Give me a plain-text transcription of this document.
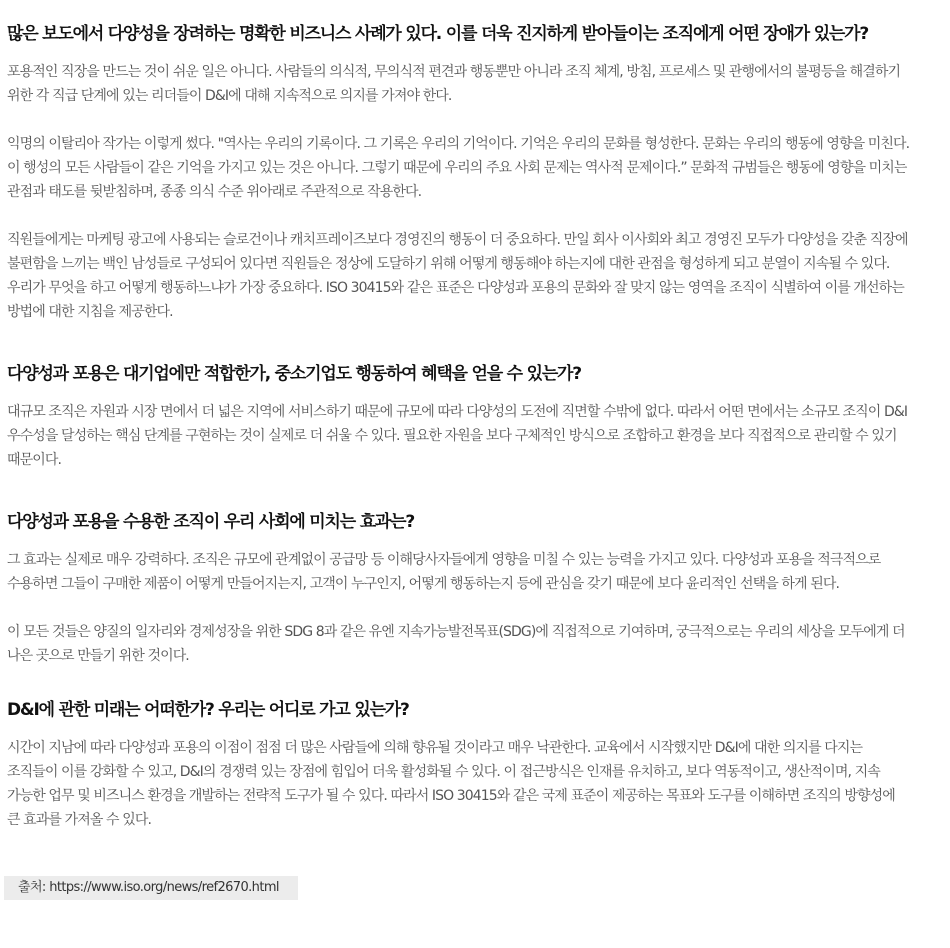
많은 보도에서 다양성을 장려하는 명확한 비즈니스 사례가 있다. 이를 더욱 진지하게 받아들이는 조직에게 어떤 장애가 있는가?

포용적인 직장을 만드는 것이 쉬운 일은 아니다. 사람들의 의식적, 무의식적 편견과 행동뿐만 아니라 조직 체계, 방침, 프로세스 및 관행에서의 불평등을 해결하기
위한 각 직급 단계에 있는 리더들이 D&I에 대해 지속적으로 의지를 가져야 한다.

익명의 이탈리아 작가는 이렇게 썼다. "역사는 우리의 기록이다. 그 기록은 우리의 기억이다. 기억은 우리의 문화를 형성한다. 문화는 우리의 행동에 영향을 미친다.
이 행성의 모든 사람들이 같은 기억을 가지고 있는 것은 아니다. 그렇기 때문에 우리의 주요 사회 문제는 역사적 문제이다.” 문화적 규범들은 행동에 영향을 미치는
관점과 태도를 뒷받침하며, 종종 의식 수준 위아래로 주관적으로 작용한다.

직원들에게는 마케팅 광고에 사용되는 슬로건이나 캐치프레이즈보다 경영진의 행동이 더 중요하다. 만일 회사 이사회와 최고 경영진 모두가 다양성을 갖춘 직장에
불편함을 느끼는 백인 남성들로 구성되어 있다면 직원들은 정상에 도달하기 위해 어떻게 행동해야 하는지에 대한 관점을 형성하게 되고 분열이 지속될 수 있다.
우리가 무엇을 하고 어떻게 행동하느냐가 가장 중요하다. ISO 30415와 같은 표준은 다양성과 포용의 문화와 잘 맞지 않는 영역을 조직이 식별하여 이를 개선하는
방법에 대한 지침을 제공한다.

다양성과 포용은 대기업에만 적합한가, 중소기업도 행동하여 혜택을 얻을 수 있는가?

대규모 조직은 자원과 시장 면에서 더 넓은 지역에 서비스하기 때문에 규모에 따라 다양성의 도전에 직면할 수밖에 없다. 따라서 어떤 면에서는 소규모 조직이 D&I
우수성을 달성하는 핵심 단계를 구현하는 것이 실제로 더 쉬울 수 있다. 필요한 자원을 보다 구체적인 방식으로 조합하고 환경을 보다 직접적으로 관리할 수 있기
때문이다.

다양성과 포용을 수용한 조직이 우리 사회에 미치는 효과는?

그 효과는 실제로 매우 강력하다. 조직은 규모에 관계없이 공급망 등 이해당사자들에게 영향을 미칠 수 있는 능력을 가지고 있다. 다양성과 포용을 적극적으로
수용하면 그들이 구매한 제품이 어떻게 만들어지는지, 고객이 누구인지, 어떻게 행동하는지 등에 관심을 갖기 때문에 보다 윤리적인 선택을 하게 된다.

이 모든 것들은 양질의 일자리와 경제성장을 위한 SDG 8과 같은 유엔 지속가능발전목표(SDG)에 직접적으로 기여하며, 궁극적으로는 우리의 세상을 모두에게 더
나은 곳으로 만들기 위한 것이다.

D&I에 관한 미래는 어떠한가? 우리는 어디로 가고 있는가?

시간이 지남에 따라 다양성과 포용의 이점이 점점 더 많은 사람들에 의해 향유될 것이라고 매우 낙관한다. 교육에서 시작했지만 D&I에 대한 의지를 다지는
조직들이 이를 강화할 수 있고, D&I의 경쟁력 있는 장점에 힘입어 더욱 활성화될 수 있다. 이 접근방식은 인재를 유치하고, 보다 역동적이고, 생산적이며, 지속
가능한 업무 및 비즈니스 환경을 개발하는 전략적 도구가 될 수 있다. 따라서 ISO 30415와 같은 국제 표준이 제공하는 목표와 도구를 이해하면 조직의 방향성에
큰 효과를 가져올 수 있다.

출처: https://www.iso.org/news/ref2670.html
